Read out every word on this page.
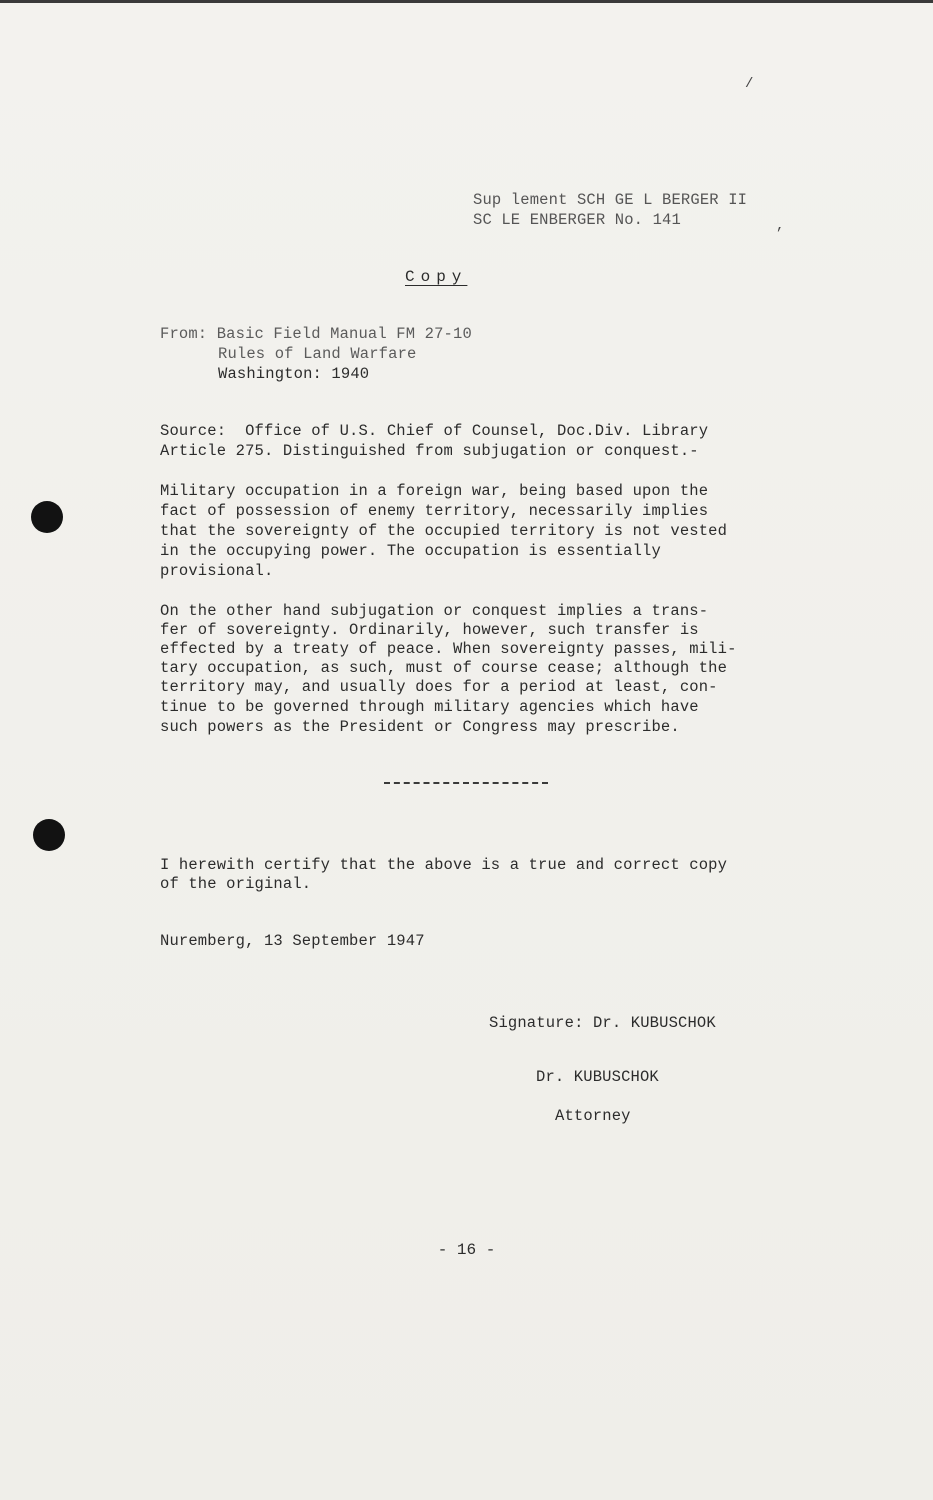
/
,
Sup lement SCH GE L BERGER II
SC LE ENBERGER No. 141
Copy
From: Basic Field Manual FM 27-10
Rules of Land Warfare
Washington: 1940
Source:  Office of U.S. Chief of Counsel, Doc.Div. Library
Article 275. Distinguished from subjugation or conquest.-
Military occupation in a foreign war, being based upon the
fact of possession of enemy territory, necessarily implies
that the sovereignty of the occupied territory is not vested
in the occupying power. The occupation is essentially
provisional.
On the other hand subjugation or conquest implies a trans-
fer of sovereignty. Ordinarily, however, such transfer is
effected by a treaty of peace. When sovereignty passes, mili-
tary occupation, as such, must of course cease; although the
territory may, and usually does for a period at least, con-
tinue to be governed through military agencies which have
such powers as the President or Congress may prescribe.
I herewith certify that the above is a true and correct copy
of the original.
Nuremberg, 13 September 1947
Signature: Dr. KUBUSCHOK
Dr. KUBUSCHOK
Attorney
- 16 -
